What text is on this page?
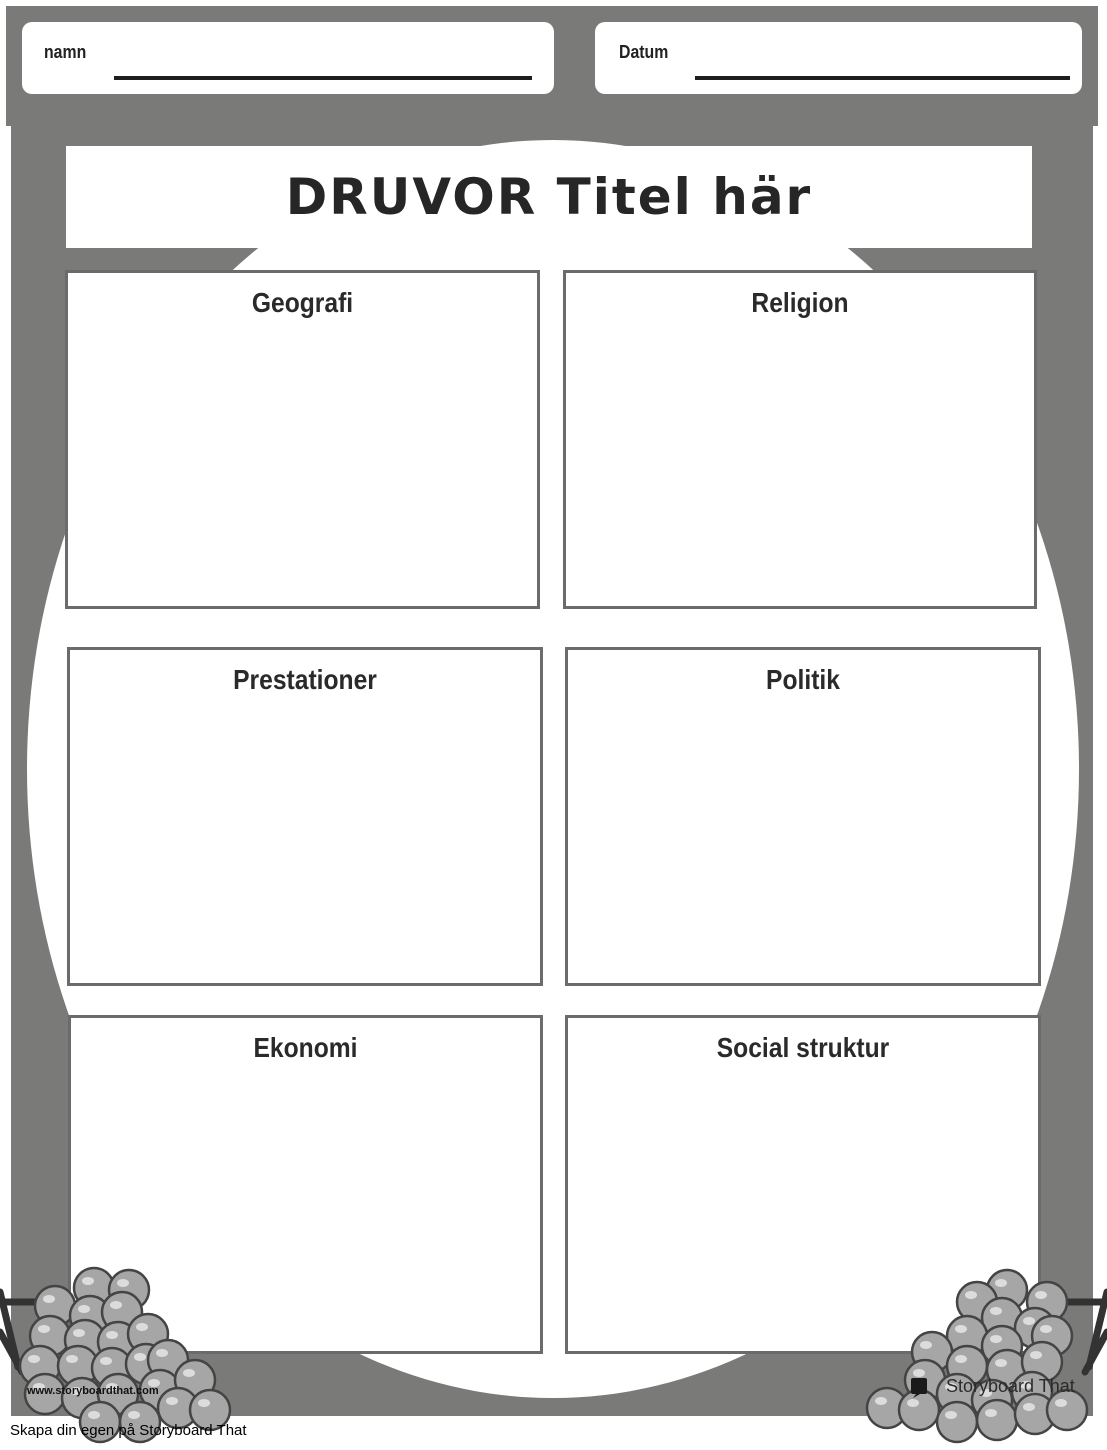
namn	Datum
DRUVOR Titel här
Geografi	Religion
Prestationer	Politik
Ekonomi	Social struktur
www.storyboardthat.com	Storyboard That
Skapa din egen på Storyboard That
